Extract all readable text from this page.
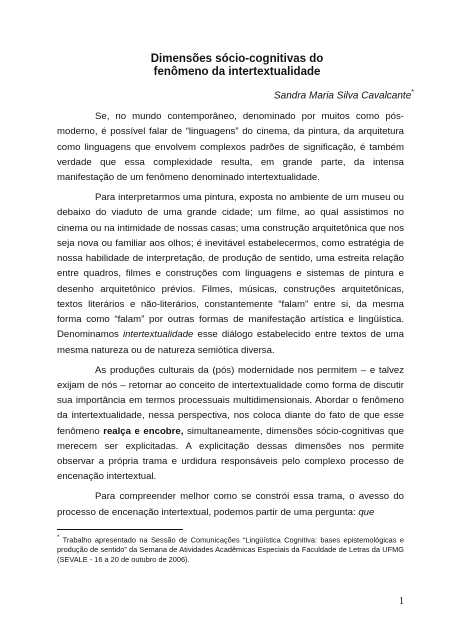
Dimensões sócio-cognitivas do
fenômeno da intertextualidade
Sandra Maria Silva Cavalcante*

Se, no mundo contemporâneo, denominado por muitos como pós-moderno, é possível falar de “linguagens” do cinema, da pintura, da arquitetura como linguagens que envolvem complexos padrões de significação, é também verdade que essa complexidade resulta, em grande parte, da intensa manifestação de um fenômeno denominado intertextualidade.

Para interpretarmos uma pintura, exposta no ambiente de um museu ou debaixo do viaduto de uma grande cidade; um filme, ao qual assistimos no cinema ou na intimidade de nossas casas; uma construção arquitetônica que nos seja nova ou familiar aos olhos; é inevitável estabelecermos, como estratégia de nossa habilidade de interpretação, de produção de sentido, uma estreita relação entre quadros, filmes e construções com linguagens e sistemas de pintura e desenho arquitetônico prévios. Filmes, músicas, construções arquitetônicas, textos literários e não-literários, constantemente “falam” entre si, da mesma forma como “falam” por outras formas de manifestação artística e lingüística. Denominamos intertextualidade esse diálogo estabelecido entre textos de uma mesma natureza ou de natureza semiótica diversa.

As produções culturais da (pós) modernidade nos permitem – e talvez exijam de nós – retornar ao conceito de intertextualidade como forma de discutir sua importância em termos processuais multidimensionais. Abordar o fenômeno da intertextualidade, nessa perspectiva, nos coloca diante do fato de que esse fenômeno realça e encobre, simultaneamente, dimensões sócio-cognitivas que merecem ser explicitadas. A explicitação dessas dimensões nos permite observar a própria trama e urdidura responsáveis pelo complexo processo de encenação intertextual.

Para compreender melhor como se constrói essa trama, o avesso do processo de encenação intertextual, podemos partir de uma pergunta: que

* Trabalho apresentado na Sessão de Comunicações “Lingüística Cognitiva: bases epistemológicas e produção de sentido” da Semana de Atividades Acadêmicas Especiais da Faculdade de Letras da UFMG (SEVALE - 16 a 20 de outubro de 2006).
1
